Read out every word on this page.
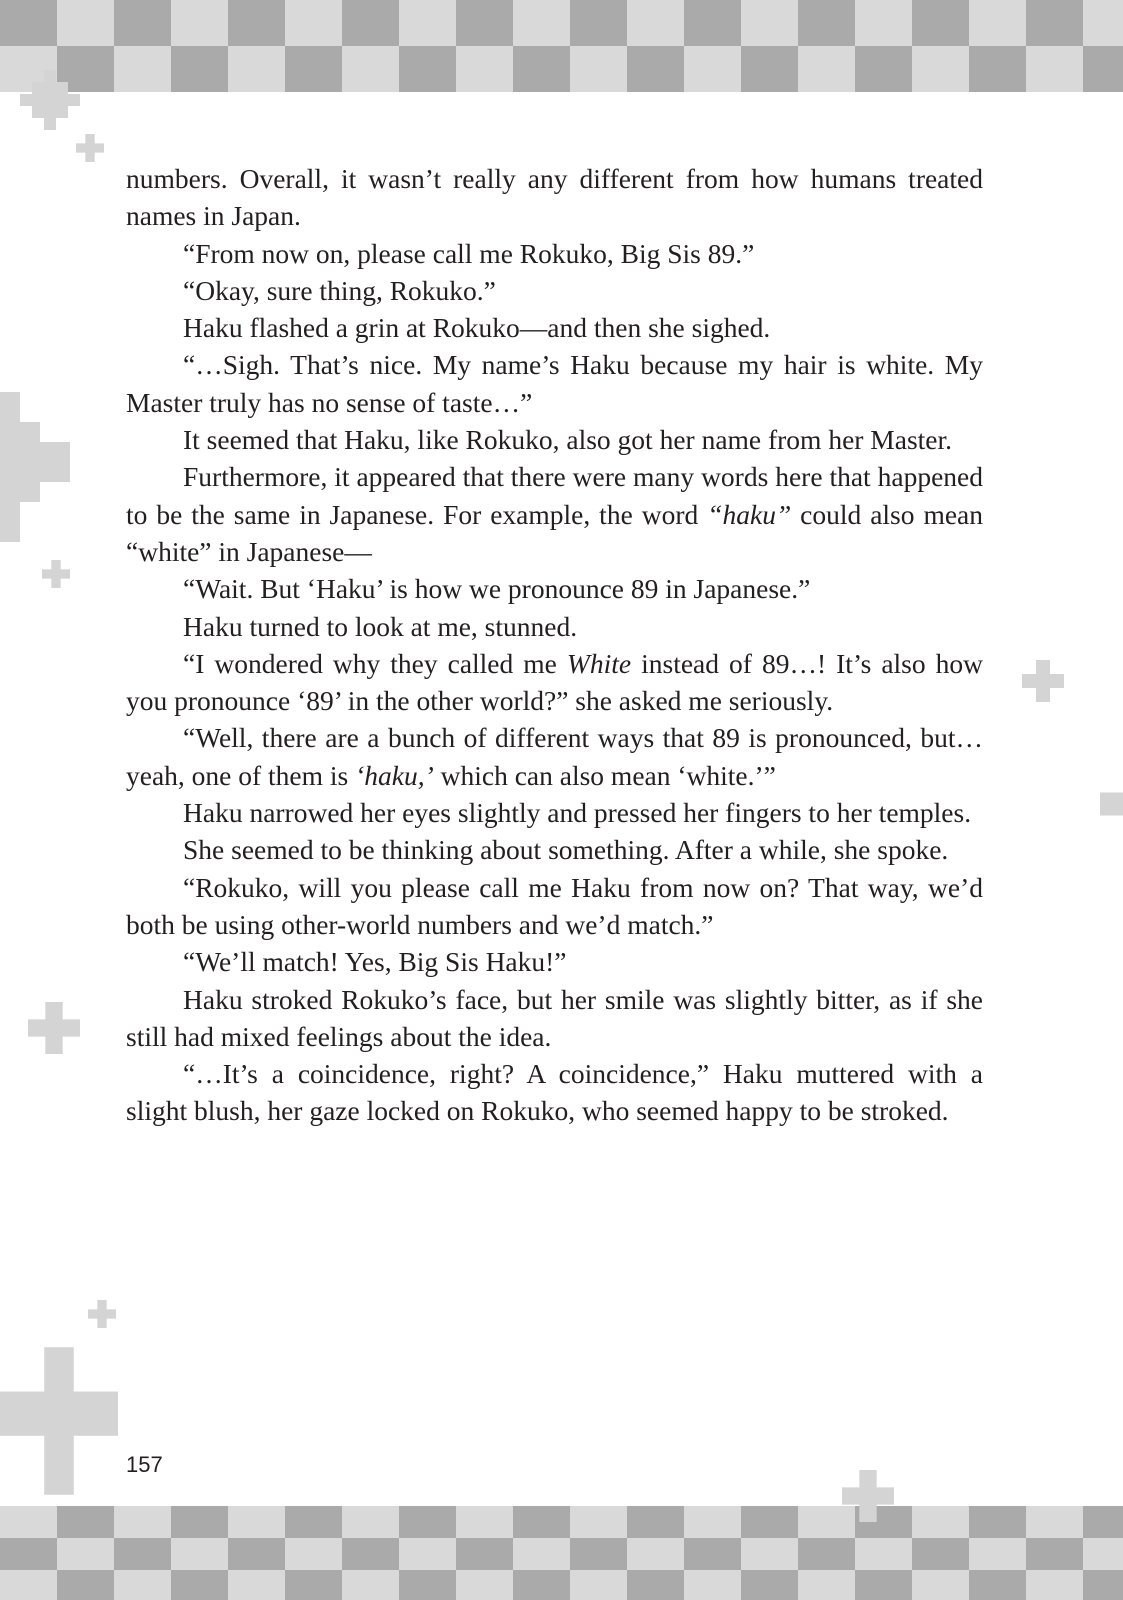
numbers. Overall, it wasn’t really any different from how humans treated names in Japan.

“From now on, please call me Rokuko, Big Sis 89.”

“Okay, sure thing, Rokuko.”

Haku flashed a grin at Rokuko—and then she sighed.

“…Sigh. That’s nice. My name’s Haku because my hair is white. My Master truly has no sense of taste…”

It seemed that Haku, like Rokuko, also got her name from her Master.

Furthermore, it appeared that there were many words here that happened to be the same in Japanese. For example, the word “haku” could also mean “white” in Japanese—

“Wait. But ‘Haku’ is how we pronounce 89 in Japanese.”

Haku turned to look at me, stunned.

“I wondered why they called me White instead of 89…! It’s also how you pronounce ‘89’ in the other world?” she asked me seriously.

“Well, there are a bunch of different ways that 89 is pronounced, but…yeah, one of them is ‘haku,’ which can also mean ‘white.’”

Haku narrowed her eyes slightly and pressed her fingers to her temples.

She seemed to be thinking about something. After a while, she spoke.

“Rokuko, will you please call me Haku from now on? That way, we’d both be using other-world numbers and we’d match.”

“We’ll match! Yes, Big Sis Haku!”

Haku stroked Rokuko’s face, but her smile was slightly bitter, as if she still had mixed feelings about the idea.

“…It’s a coincidence, right? A coincidence,” Haku muttered with a slight blush, her gaze locked on Rokuko, who seemed happy to be stroked.

157
